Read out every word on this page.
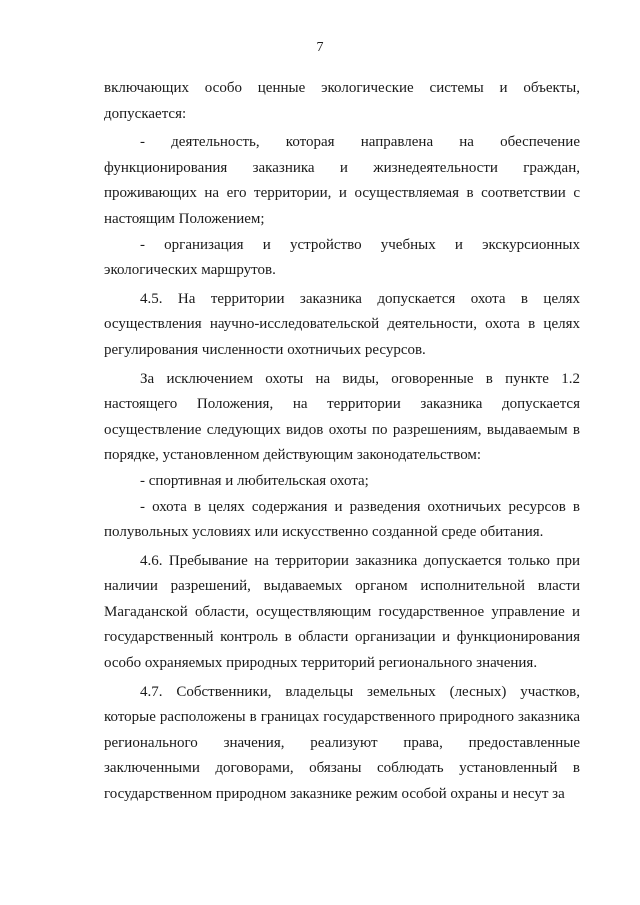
7

включающих особо ценные экологические системы и объекты, допускается:

- деятельность, которая направлена на обеспечение функционирования заказника и жизнедеятельности граждан, проживающих на его территории, и осуществляемая в соответствии с настоящим Положением;

- организация и устройство учебных и экскурсионных экологических маршрутов.

4.5. На территории заказника допускается охота в целях осуществления научно-исследовательской деятельности, охота в целях регулирования численности охотничьих ресурсов.

За исключением охоты на виды, оговоренные в пункте 1.2 настоящего Положения, на территории заказника допускается осуществление следующих видов охоты по разрешениям, выдаваемым в порядке, установленном действующим законодательством:

- спортивная и любительская охота;

- охота в целях содержания и разведения охотничьих ресурсов в полувольных условиях или искусственно созданной среде обитания.

4.6. Пребывание на территории заказника допускается только при наличии разрешений, выдаваемых органом исполнительной власти Магаданской области, осуществляющим государственное управление и государственный контроль в области организации и функционирования особо охраняемых природных территорий регионального значения.

4.7. Собственники, владельцы земельных (лесных) участков, которые расположены в границах государственного природного заказника регионального значения, реализуют права, предоставленные заключенными договорами, обязаны соблюдать установленный в государственном природном заказнике режим особой охраны и несут за
